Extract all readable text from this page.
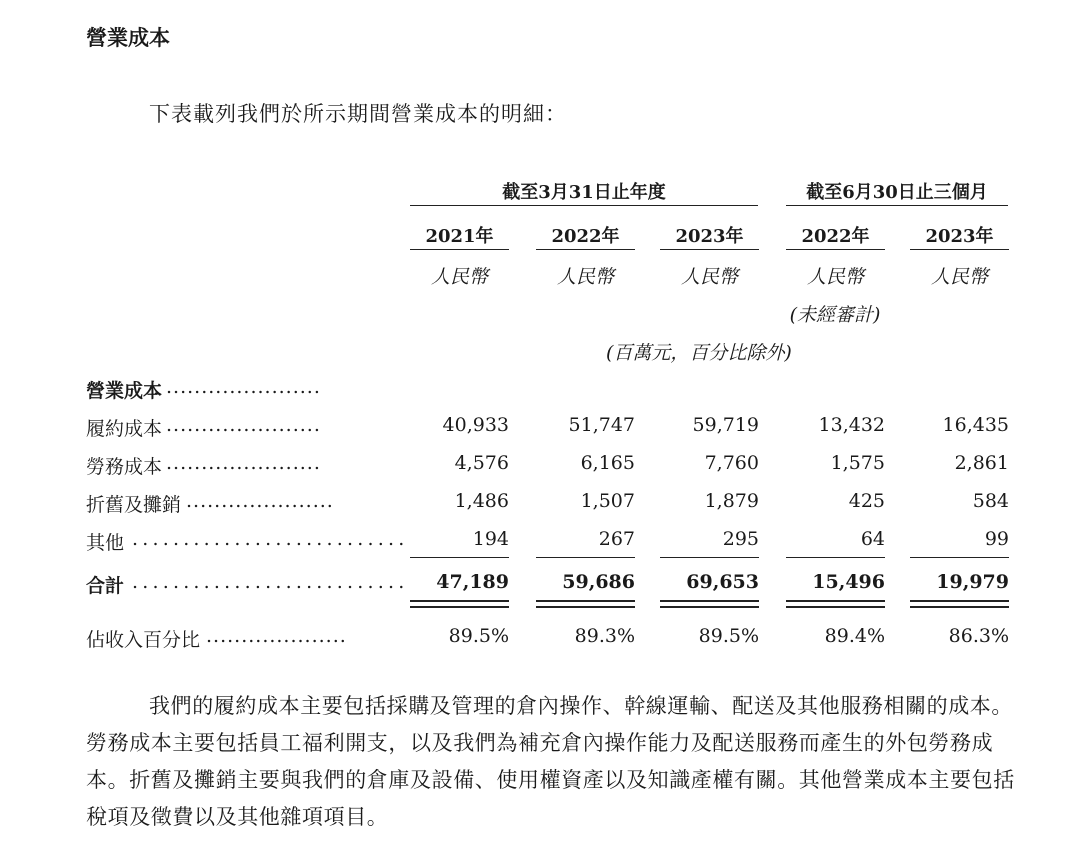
營業成本
下表載列我們於所示期間營業成本的明細：
截至3月31日止年度	截至6月30日止三個月
2021年	2022年	2023年	2022年	2023年
人民幣	人民幣	人民幣	人民幣	人民幣
(未經審計)
(百萬元，百分比除外)
營業成本 ......................
履約成本 ......................	40,933	51,747	59,719	13,432	16,435
勞務成本 ......................	4,576	6,165	7,760	1,575	2,861
折舊及攤銷 .....................	1,486	1,507	1,879	425	584
其他 ...........................	194	267	295	64	99
合計 ...........................	47,189	59,686	69,653	15,496	19,979
佔收入百分比 ....................	89.5%	89.3%	89.5%	89.4%	86.3%
我們的履約成本主要包括採購及管理的倉內操作、幹線運輸、配送及其他服務相關的成本。勞務成本主要包括員工福利開支，以及我們為補充倉內操作能力及配送服務而產生的外包勞務成本。折舊及攤銷主要與我們的倉庫及設備、使用權資產以及知識產權有關。其他營業成本主要包括稅項及徵費以及其他雜項項目。
